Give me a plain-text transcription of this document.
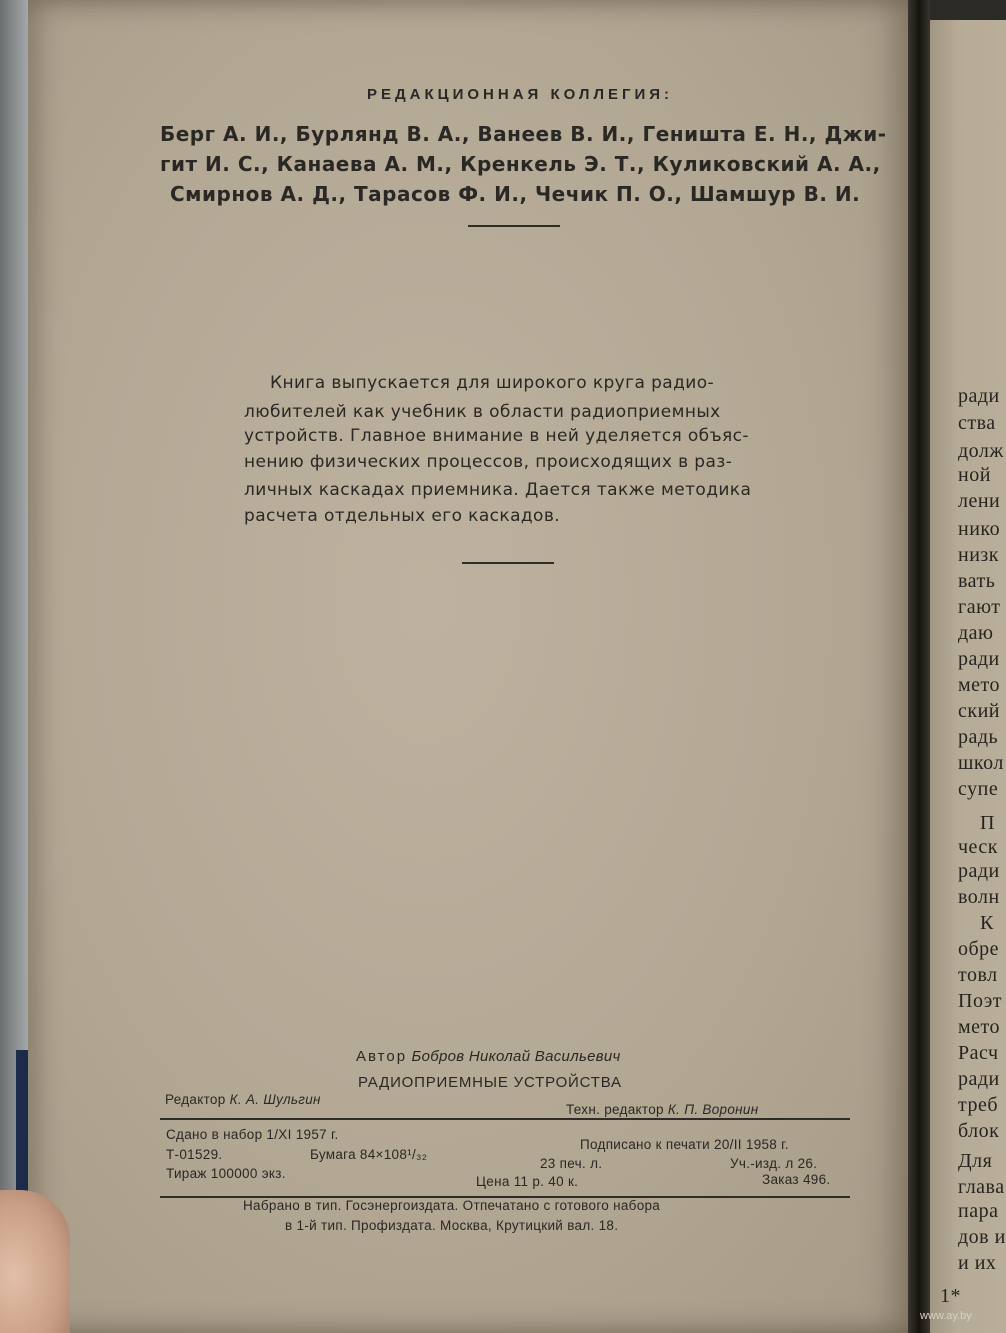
ради
ства
долж
ной
лени
нико
низк
вать
гают
даю
ради
мето
ский
радь
школ
супе
П
ческ
ради
волн
К
обре
товл
Поэт
мето
Расч
ради
треб
блок
Для
глава
пара
дов и
и их
1*
РЕДАКЦИОННАЯ КОЛЛЕГИЯ:
Берг А. И., Бурлянд В. А., Ванеев В. И., Геништа Е. Н., Джи-
гит И. С., Канаева А. М., Кренкель Э. Т., Куликовский А. А.,
Смирнов А. Д., Тарасов Ф. И., Чечик П. О., Шамшур В. И.
Книга выпускается для широкого круга радио-
любителей как учебник в области радиоприемных
устройств. Главное внимание в ней уделяется объяс-
нению физических процессов, происходящих в раз-
личных каскадах приемника. Дается также методика
расчета отдельных его каскадов.
Автор Бобров Николай Васильевич
РАДИОПРИЕМНЫЕ УСТРОЙСТВА
Редактор К. А. Шульгин
Техн. редактор К. П. Воронин
Сдано в набор 1/XI 1957 г.
Подписано к печати 20/II 1958 г.
Т-01529.	Бумага 84×108¹/₃₂
23 печ. л.	Уч.-изд. л 26.
Тираж 100000 экз.
Цена 11 р. 40 к.	Заказ 496.
Набрано в тип. Госэнергоиздата. Отпечатано с готового набора
в 1-й тип. Профиздата. Москва, Крутицкий вал. 18.
www.ay.by
